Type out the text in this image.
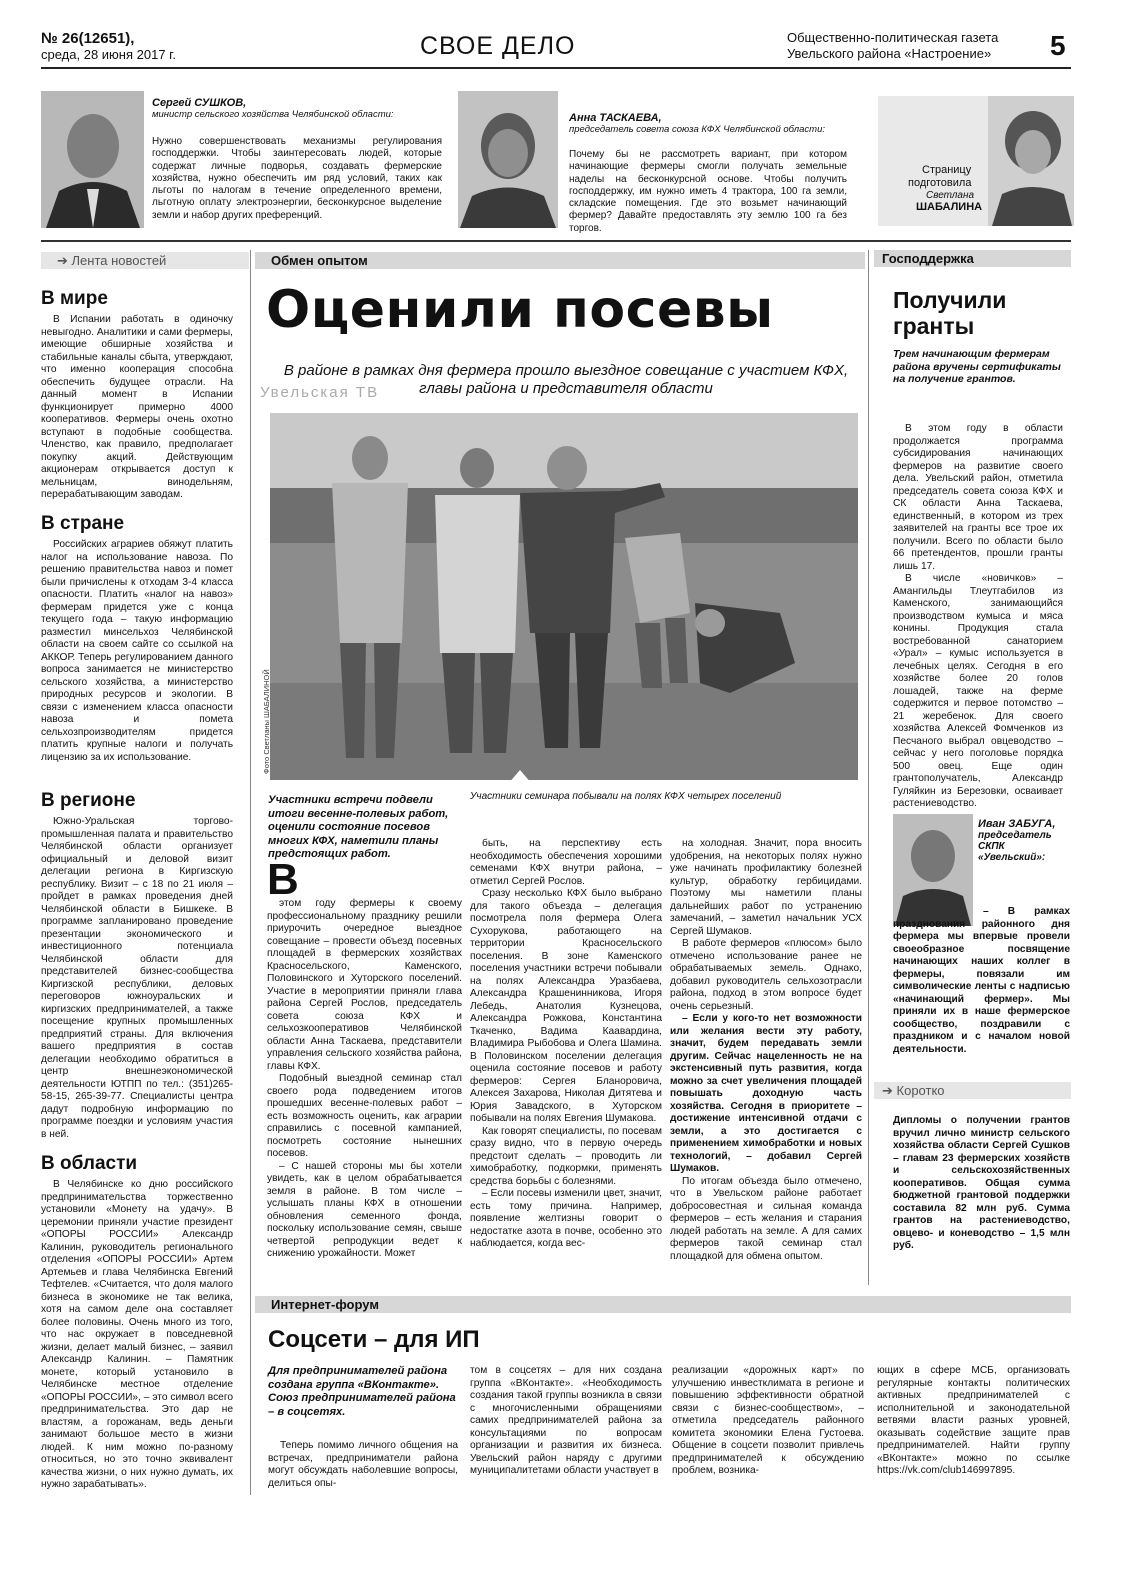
№ 26(12651),
среда, 28 июня 2017 г.	СВОЕ ДЕЛО	Общественно-политическая газета
Увельского района «Настроение» 5
Сергей СУШКОВ,
министр сельского хозяйства Челябинской области:
Нужно совершенствовать механизмы регулирования господдержки. Чтобы заинтересовать людей, которые содержат личные подворья, создавать фермерские хозяйства, нужно обеспечить им ряд условий, таких как льготы по налогам в течение определенного времени, льготную оплату электроэнергии, бесконкурсное выделение земли и набор других преференций.
Анна ТАСКАЕВА,
председатель совета союза КФХ Челябинской области:
Почему бы не рассмотреть вариант, при котором начинающие фермеры смогли получать земельные наделы на бесконкурсной основе. Чтобы получить господдержку, им нужно иметь 4 трактора, 100 га земли, складские помещения. Где это возьмет начинающий фермер? Давайте предоставлять эту землю 100 га без торгов.
Страницу
подготовила
Светлана
ШАБАЛИНА
➔ Лента новостей
В мире

В Испании работать в одиночку невыгодно. Аналитики и сами фермеры, имеющие обширные хозяйства и стабильные каналы сбыта, утверждают, что именно кооперация способна обеспечить будущее отрасли. На данный момент в Испании функционирует примерно 4000 кооперативов. Фермеры очень охотно вступают в подобные сообщества. Членство, как правило, предполагает покупку акций. Действующим акционерам открывается доступ к мельницам, винодельням, перерабатывающим заводам.

В стране

Российских аграриев обяжут платить налог на использование навоза. По решению правительства навоз и помет были причислены к отходам 3-4 класса опасности. Платить «налог на навоз» фермерам придется уже с конца текущего года – такую информацию разместил минсельхоз Челябинской области на своем сайте со ссылкой на АККОР. Теперь регулированием данного вопроса занимается не министерство сельского хозяйства, а министерство природных ресурсов и экологии. В связи с изменением класса опасности навоза и помета сельхозпроизводителям придется платить крупные налоги и получать лицензию за их использование.

В регионе

Южно-Уральская торгово-промышленная палата и правительство Челябинской области организует официальный и деловой визит делегации региона в Киргизскую республику. Визит – с 18 по 21 июля – пройдет в рамках проведения дней Челябинской области в Бишкеке. В программе запланировано проведение презентации экономического и инвестиционного потенциала Челябинской области для представителей бизнес-сообщества Киргизской республики, деловых переговоров южноуральских и киргизских предпринимателей, а также посещение крупных промышленных предприятий страны. Для включения вашего предприятия в состав делегации необходимо обратиться в центр внешнеэкономической деятельности ЮТПП по тел.: (351)265-58-15, 265-39-77. Специалисты центра дадут подробную информацию по программе поездки и условиям участия в ней.

В области

В Челябинске ко дню российского предпринимательства торжественно установили «Монету на удачу». В церемонии приняли участие президент «ОПОРЫ РОССИИ» Александр Калинин, руководитель регионального отделения «ОПОРЫ РОССИИ» Артем Артемьев и глава Челябинска Евгений Тефтелев. «Считается, что доля малого бизнеса в экономике не так велика, хотя на самом деле она составляет более половины. Очень много из того, что нас окружает в повседневной жизни, делает малый бизнес, – заявил Александр Калинин. – Памятник монете, который установило в Челябинске местное отделение «ОПОРЫ РОССИИ», – это символ всего предпринимательства. Это дар не властям, а горожанам, ведь деньги занимают большое место в жизни людей. К ним можно по-разному относиться, но это точно эквивалент качества жизни, о них нужно думать, их нужно зарабатывать».

Обмен опытом
Оценили посевы
Увельская ТВ
В районе в рамках дня фермера прошло выездное совещание с участием КФХ, главы района и представителя области
Фото Светланы ШАБАЛИНОЙ
Участники семинара побывали на полях КФХ четырех поселений
Участники встречи подвели итоги весенне-полевых работ, оценили состояние посевов многих КФХ, наметили планы предстоящих работ.
В

этом году фермеры к своему профессиональному празднику решили приурочить очередное выездное совещание – провести объезд посевных площадей в фермерских хозяйствах Красносельского, Каменского, Половинского и Хуторского поселений. Участие в мероприятии приняли глава района Сергей Рослов, председатель совета союза КФХ и сельхозкооперативов Челябинской области Анна Таскаева, представители управления сельского хозяйства района, главы КФХ.

Подобный выездной семинар стал своего рода подведением итогов прошедших весенне-полевых работ – есть возможность оценить, как аграрии справились с посевной кампанией, посмотреть состояние нынешних посевов.

– С нашей стороны мы бы хотели увидеть, как в целом обрабатывается земля в районе. В том числе – услышать планы КФХ в отношении обновления семенного фонда, поскольку использование семян, свыше четвертой репродукции ведет к снижению урожайности. Может

быть, на перспективу есть необходимость обеспечения хорошими семенами КФХ внутри района, – отметил Сергей Рослов.

Сразу несколько КФХ было выбрано для такого объезда – делегация посмотрела поля фермера Олега Сухорукова, работающего на территории Красносельского поселения. В зоне Каменского поселения участники встречи побывали на полях Александра Уразбаева, Александра Крашенинникова, Игоря Лебедь, Анатолия Кузнецова, Александра Рожкова, Константина Ткаченко, Вадима Каавардина, Владимира Рыбобова и Олега Шамина. В Половинском поселении делегация оценила состояние посевов и работу фермеров: Сергея Бланоровича, Алексея Захарова, Николая Дитятева и Юрия Завадского, в Хуторском побывали на полях Евгения Шумакова.

Как говорят специалисты, по посевам сразу видно, что в первую очередь предстоит сделать – проводить ли химобработку, подкормки, применять средства борьбы с болезнями.

– Если посевы изменили цвет, значит, есть тому причина. Например, появление желтизны говорит о недостатке азота в почве, особенно это наблюдается, когда вес-

на холодная. Значит, пора вносить удобрения, на некоторых полях нужно уже начинать профилактику болезней культур, обработку гербицидами. Поэтому мы наметили планы дальнейших работ по устранению замечаний, – заметил начальник УСХ Сергей Шумаков.

В работе фермеров «плюсом» было отмечено использование ранее не обрабатываемых земель. Однако, добавил руководитель сельхозотрасли района, подход в этом вопросе будет очень серьезный.

– Если у кого-то нет возможности или желания вести эту работу, значит, будем передавать земли другим. Сейчас нацеленность не на экстенсивный путь развития, когда можно за счет увеличения площадей повышать доходную часть хозяйства. Сегодня в приоритете – достижение интенсивной отдачи с земли, а это достигается с применением химобработки и новых технологий, – добавил Сергей Шумаков.

По итогам объезда было отмечено, что в Увельском районе работает добросовестная и сильная команда фермеров – есть желания и старания людей работать на земле. А для самих фермеров такой семинар стал площадкой для обмена опытом.

Господдержка
Получили гранты
Трем начинающим фермерам района вручены сертификаты на получение грантов.

В этом году в области продолжается программа субсидирования начинающих фермеров на развитие своего дела. Увельский район, отметила председатель совета союза КФХ и СК области Анна Таскаева, единственный, в котором из трех заявителей на гранты все трое их получили. Всего по области было 66 претендентов, прошли гранты лишь 17.

В числе «новичков» – Амангильды Тлеутгабилов из Каменского, занимающийся производством кумыса и мяса конины. Продукция стала востребованной санаторием «Урал» – кумыс используется в лечебных целях. Сегодня в его хозяйстве более 20 голов лошадей, также на ферме содержится и первое потомство – 21 жеребенок. Для своего хозяйства Алексей Фомченков из Песчаного выбрал овцеводство – сейчас у него поголовье порядка 500 овец. Еще один грантополучатель, Александр Гуляйкин из Березовки, осваивает растениеводство.

Иван ЗАБУГА,
председатель СКПК «Увельский»:

– В рамках празднования районного дня фермера мы впервые провели своеобразное посвящение начинающих наших коллег в фермеры, повязали им символические ленты с надписью «начинающий фермер». Мы приняли их в наше фермерское сообщество, поздравили с праздником и с началом новой деятельности.

➔ Коротко

Дипломы о получении грантов вручил лично министр сельского хозяйства области Сергей Сушков – главам 23 фермерских хозяйств и сельскохозяйственных кооперативов. Общая сумма бюджетной грантовой поддержки составила 82 млн руб. Сумма грантов на растениеводство, овцево- и коневодство – 1,5 млн руб.

Интернет-форум
Соцсети – для ИП
Для предпринимателей района создана группа «ВКонтакте». Союз предпринимателей района – в соцсетях.

Теперь помимо личного общения на встречах, предприниматели района могут обсуждать наболевшие вопросы, делиться опы-

том в соцсетях – для них создана группа «ВКонтакте». «Необходимость создания такой группы возникла в связи с многочисленными обращениями самих предпринимателей района за консультациями по вопросам организации и развития их бизнеса. Увельский район наряду с другими муниципалитетами области участвует в

реализации «дорожных карт» по улучшению инвестклимата в регионе и повышению эффективности обратной связи с бизнес-сообществом», – отметила председатель районного комитета экономики Елена Густоева. Общение в соцсети позволит привлечь предпринимателей к обсуждению проблем, возника-

ющих в сфере МСБ, организовать регулярные контакты политических активных предпринимателей с исполнительной и законодательной ветвями власти разных уровней, оказывать содействие защите прав предпринимателей. Найти группу «ВКонтакте» можно по ссылке https://vk.com/club146997895.
